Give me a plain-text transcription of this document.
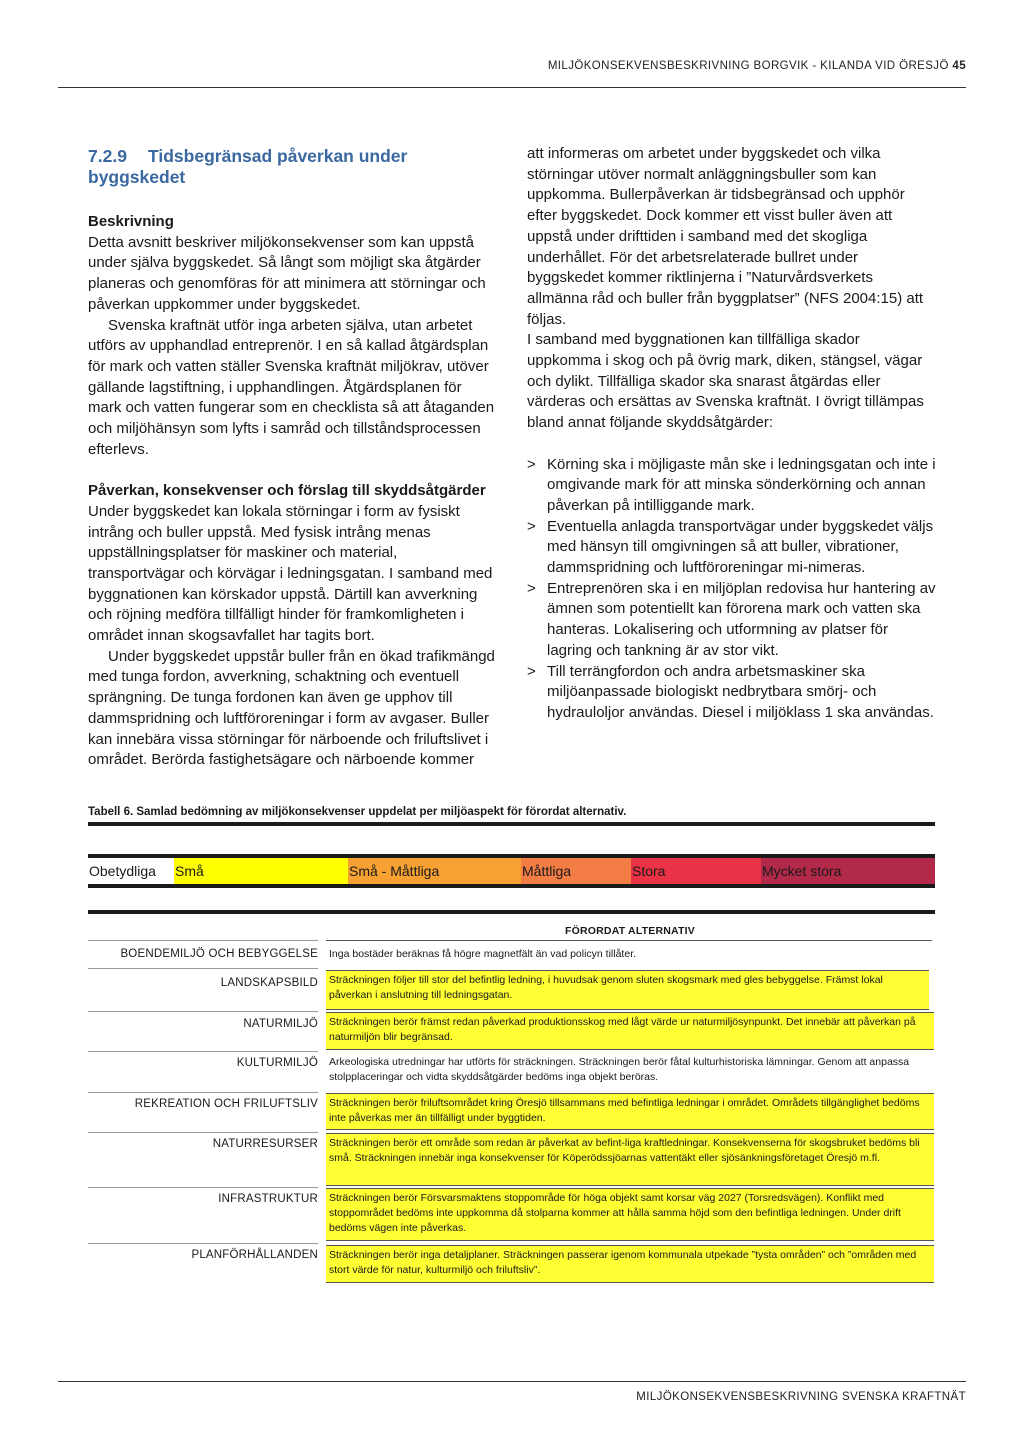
MILJÖKONSEKVENSBESKRIVNING BORGVIK - KILANDA VID ÖRESJÖ 45
7.2.9 Tidsbegränsad påverkan under
byggskedet

Beskrivning

Detta avsnitt beskriver miljökonsekvenser som kan uppstå under själva byggskedet. Så långt som möjligt ska åtgärder planeras och genomföras för att minimera att störningar och påverkan uppkommer under byggskedet.

Svenska kraftnät utför inga arbeten själva, utan arbetet utförs av upphandlad entreprenör. I en så kallad åtgärdsplan för mark och vatten ställer Svenska kraftnät miljökrav, utöver gällande lagstiftning, i upphandlingen. Åtgärdsplanen för mark och vatten fungerar som en checklista så att åtaganden och miljöhänsyn som lyfts i samråd och tillståndsprocessen efterlevs.

Påverkan, konsekvenser och förslag till skyddsåtgärder

Under byggskedet kan lokala störningar i form av fysiskt intrång och buller uppstå. Med fysisk intrång menas uppställningsplatser för maskiner och material, transportvägar och körvägar i ledningsgatan. I samband med byggnationen kan körskador uppstå. Därtill kan avverkning och röjning medföra tillfälligt hinder för framkomligheten i området innan skogsavfallet har tagits bort.

Under byggskedet uppstår buller från en ökad trafikmängd med tunga fordon, avverkning, schaktning och eventuell sprängning. De tunga fordonen kan även ge upphov till dammspridning och luftföroreningar i form av avgaser. Buller kan innebära vissa störningar för närboende och friluftslivet i området. Berörda fastighetsägare och närboende kommer

att informeras om arbetet under byggskedet och vilka störningar utöver normalt anläggningsbuller som kan uppkomma. Bullerpåverkan är tidsbegränsad och upphör efter byggskedet. Dock kommer ett visst buller även att uppstå under drifttiden i samband med det skogliga underhållet. För det arbetsrelaterade bullret under byggskedet kommer riktlinjerna i ”Naturvårdsverkets allmänna råd och buller från byggplatser” (NFS 2004:15) att följas.

I samband med byggnationen kan tillfälliga skador uppkomma i skog och på övrig mark, diken, stängsel, vägar och dylikt. Tillfälliga skador ska snarast åtgärdas eller värderas och ersättas av Svenska kraftnät. I övrigt tillämpas bland annat följande skyddsåtgärder:

> Körning ska i möjligaste mån ske i ledningsgatan och inte i omgivande mark för att minska sönderkörning och annan påverkan på intilliggande mark.
> Eventuella anlagda transportvägar under byggskedet väljs med hänsyn till omgivningen så att buller, vibrationer, dammspridning och luftföroreningar mi-nimeras.
> Entreprenören ska i en miljöplan redovisa hur hantering av ämnen som potentiellt kan förorena mark och vatten ska hanteras. Lokalisering och utformning av platser för lagring och tankning är av stor vikt.
> Till terrängfordon och andra arbetsmaskiner ska miljöanpassade biologiskt nedbrytbara smörj- och hydrauloljor användas. Diesel i miljöklass 1 ska användas.
Tabell 6. Samlad bedömning av miljökonsekvenser uppdelat per miljöaspekt för förordat alternativ.
Obetydliga	Små	Små - Måttliga	Måttliga	Stora	Mycket stora
FÖRORDAT ALTERNATIV
BOENDEMILJÖ OCH BEBYGGELSE Inga bostäder beräknas få högre magnetfält än vad policyn tillåter.
LANDSKAPSBILD Sträckningen följer till stor del befintlig ledning, i huvudsak genom sluten skogsmark med gles bebyggelse. Främst lokal påverkan i anslutning till ledningsgatan.
NATURMILJÖ Sträckningen berör främst redan påverkad produktionsskog med lågt värde ur naturmiljösynpunkt. Det innebär att påverkan på naturmiljön blir begränsad.
KULTURMILJÖ Arkeologiska utredningar har utförts för sträckningen. Sträckningen berör fåtal kulturhistoriska lämningar. Genom att anpassa stolpplaceringar och vidta skyddsåtgärder bedöms inga objekt beröras.
REKREATION OCH FRILUFTSLIV Sträckningen berör friluftsområdet kring Öresjö tillsammans med befintliga ledningar i området. Områdets tillgänglighet bedöms inte påverkas mer än tillfälligt under byggtiden.
NATURRESURSER Sträckningen berör ett område som redan är påverkat av befint-liga kraftledningar. Konsekvenserna för skogsbruket bedöms bli små. Sträckningen innebär inga konsekvenser för Köperödssjöarnas vattentäkt eller sjösänkningsföretaget Öresjö m.fl.
INFRASTRUKTUR Sträckningen berör Försvarsmaktens stoppområde för höga objekt samt korsar väg 2027 (Torsredsvägen). Konflikt med stoppområdet bedöms inte uppkomma då stolparna kommer att hålla samma höjd som den befintliga ledningen. Under drift bedöms vägen inte påverkas.
PLANFÖRHÅLLANDEN Sträckningen berör inga detaljplaner. Sträckningen passerar igenom kommunala utpekade ”tysta områden” och ”områden med stort värde för natur, kulturmiljö och friluftsliv”.
MILJÖKONSEKVENSBESKRIVNING SVENSKA KRAFTNÄT
